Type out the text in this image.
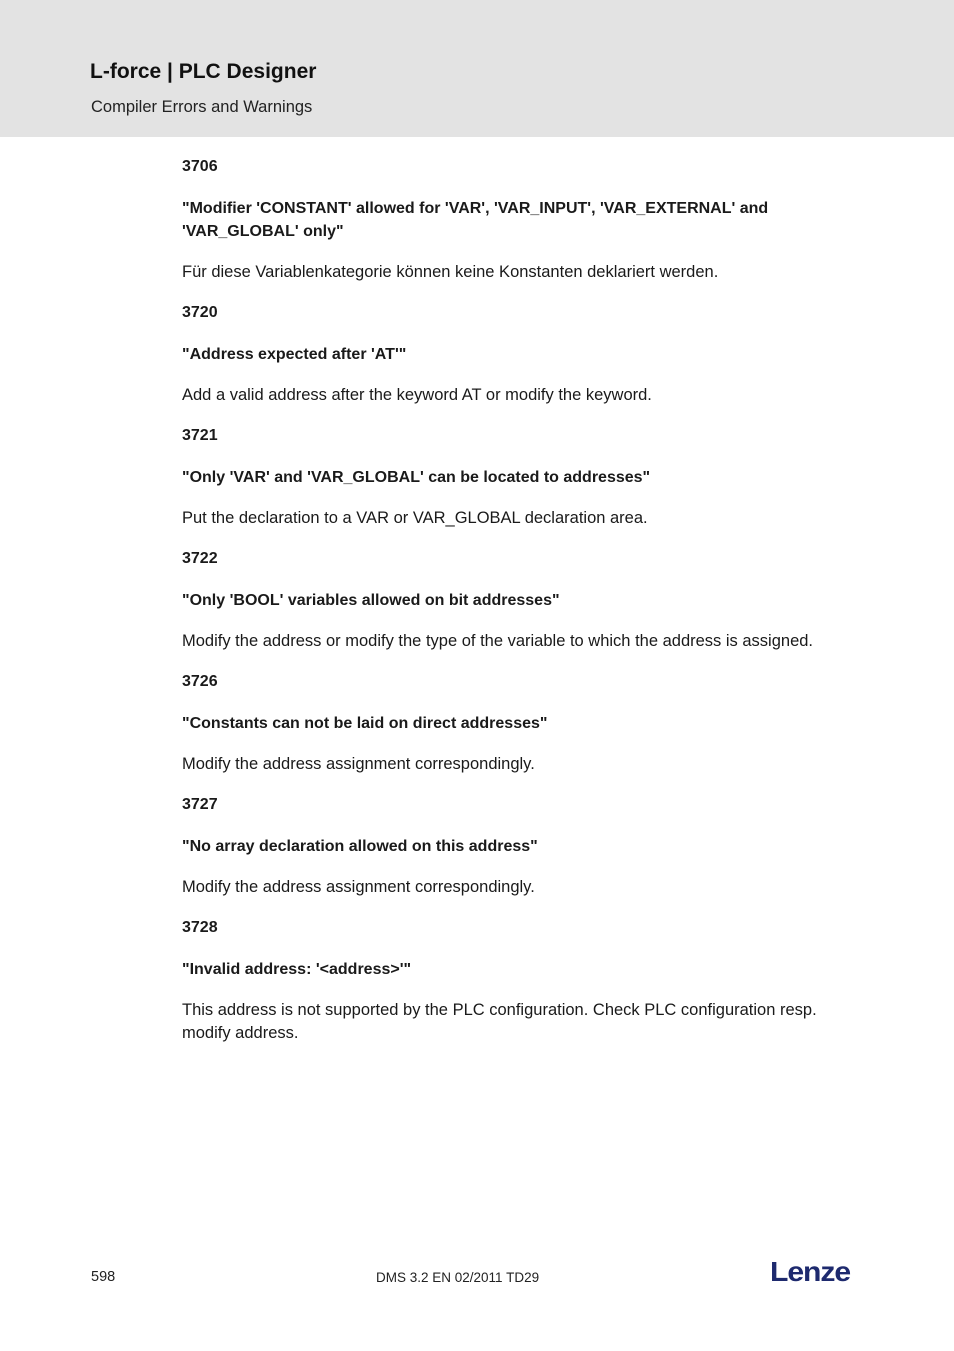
L-force | PLC Designer
Compiler Errors and Warnings
3706
"Modifier 'CONSTANT' allowed for 'VAR', 'VAR_INPUT', 'VAR_EXTERNAL' and 'VAR_GLOBAL' only"
Für diese Variablenkategorie können keine Konstanten deklariert werden.
3720
"Address expected after 'AT'"
Add a valid address after the keyword AT or modify the keyword.
3721
"Only 'VAR' and 'VAR_GLOBAL' can be located to addresses"
Put the declaration to a VAR or VAR_GLOBAL declaration area.
3722
"Only 'BOOL' variables allowed on bit addresses"
Modify the address or modify the type of the variable to which the address is assigned.
3726
"Constants can not be laid on direct addresses"
Modify the address assignment correspondingly.
3727
"No array declaration allowed on this address"
Modify the address assignment correspondingly.
3728
"Invalid address: '<address>'"
This address is not supported by the PLC configuration. Check PLC configuration resp. modify address.
598	DMS 3.2 EN 02/2011 TD29	Lenze
